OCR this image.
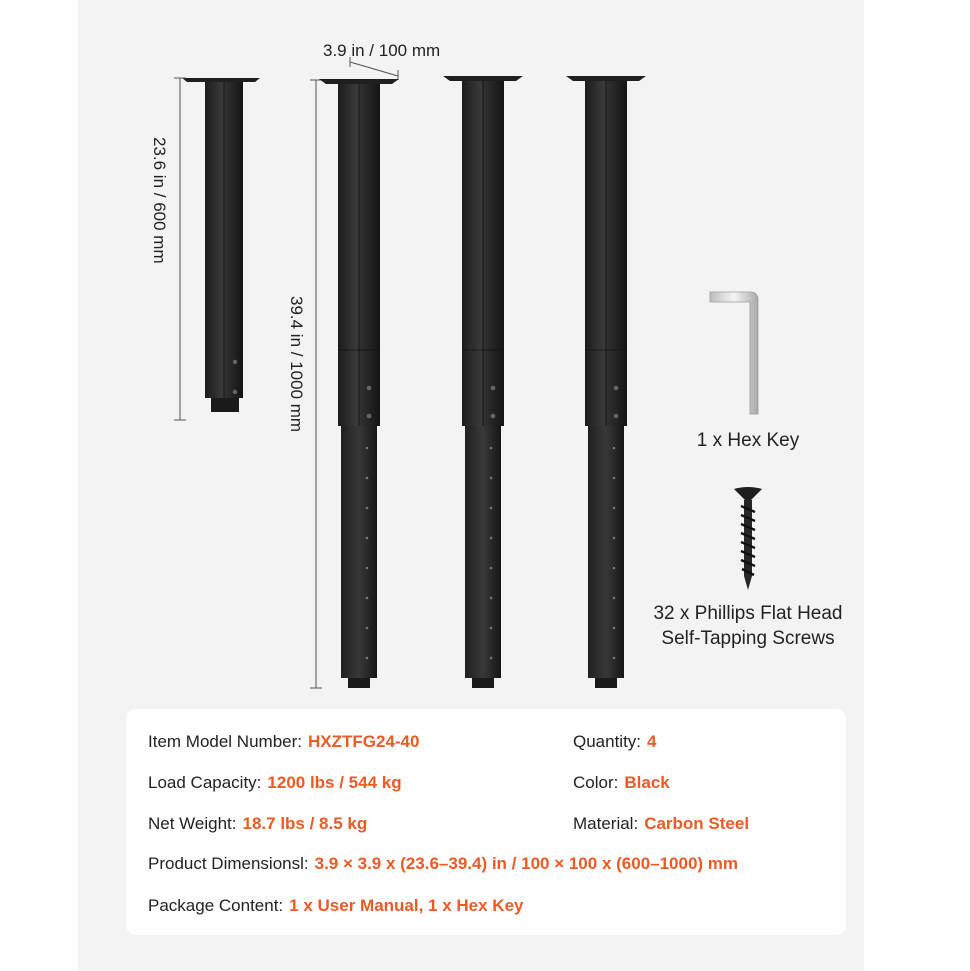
3.9 in / 100 mm
23.6 in / 600 mm
39.4 in / 1000 mm
1 x Hex Key
32 x Phillips Flat Head
Self-Tapping Screws
Item Model Number: HXZTFG24-40	Quantity: 4
Load Capacity: 1200 lbs / 544 kg	Color: Black
Net Weight: 18.7 lbs / 8.5 kg	Material: Carbon Steel
Product Dimensionsl: 3.9 × 3.9 x (23.6–39.4) in / 100 × 100 x (600–1000) mm
Package Content: 1 x User Manual, 1 x Hex Key
